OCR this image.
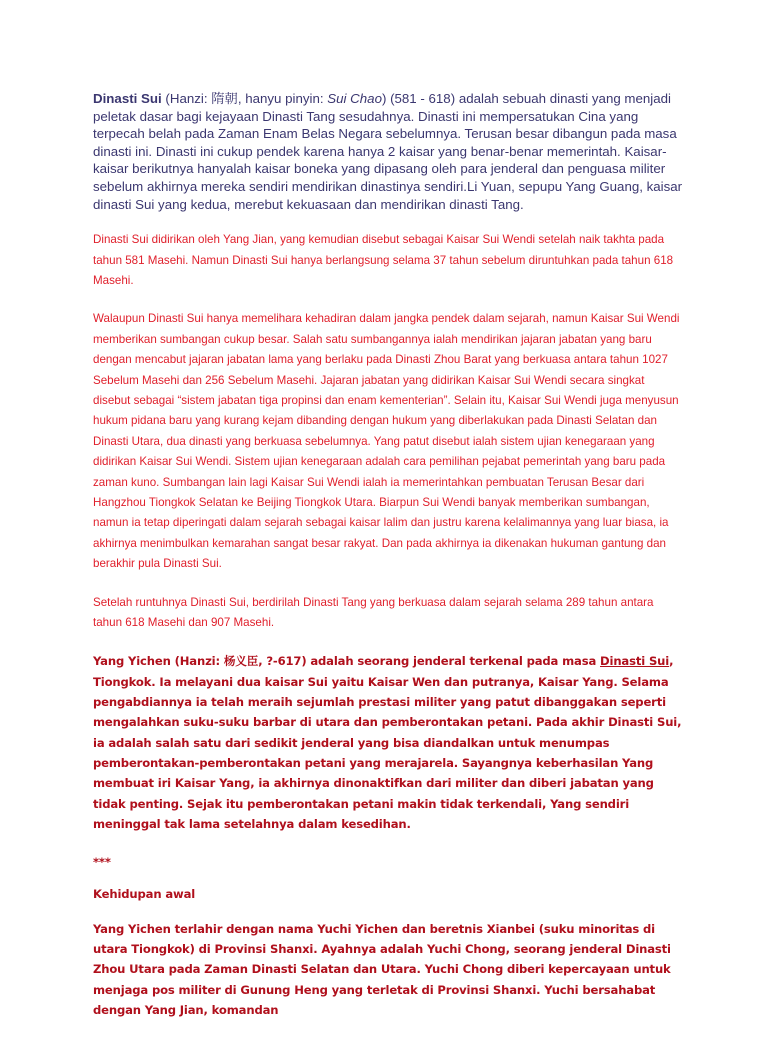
Dinasti Sui (Hanzi: 隋朝, hanyu pinyin: Sui Chao) (581 - 618) adalah sebuah dinasti yang menjadi peletak dasar bagi kejayaan Dinasti Tang sesudahnya. Dinasti ini mempersatukan Cina yang terpecah belah pada Zaman Enam Belas Negara sebelumnya. Terusan besar dibangun pada masa dinasti ini. Dinasti ini cukup pendek karena hanya 2 kaisar yang benar-benar memerintah. Kaisar-kaisar berikutnya hanyalah kaisar boneka yang dipasang oleh para jenderal dan penguasa militer sebelum akhirnya mereka sendiri mendirikan dinastinya sendiri.Li Yuan, sepupu Yang Guang, kaisar dinasti Sui yang kedua, merebut kekuasaan dan mendirikan dinasti Tang.

Dinasti Sui didirikan oleh Yang Jian, yang kemudian disebut sebagai Kaisar Sui Wendi setelah naik takhta pada tahun 581 Masehi. Namun Dinasti Sui hanya berlangsung selama 37 tahun sebelum diruntuhkan pada tahun 618 Masehi.

Walaupun Dinasti Sui hanya memelihara kehadiran dalam jangka pendek dalam sejarah, namun Kaisar Sui Wendi memberikan sumbangan cukup besar. Salah satu sumbangannya ialah mendirikan jajaran jabatan yang baru dengan mencabut jajaran jabatan lama yang berlaku pada Dinasti Zhou Barat yang berkuasa antara tahun 1027 Sebelum Masehi dan 256 Sebelum Masehi. Jajaran jabatan yang didirikan Kaisar Sui Wendi secara singkat disebut sebagai “sistem jabatan tiga propinsi dan enam kementerian”. Selain itu, Kaisar Sui Wendi juga menyusun hukum pidana baru yang kurang kejam dibanding dengan hukum yang diberlakukan pada Dinasti Selatan dan Dinasti Utara, dua dinasti yang berkuasa sebelumnya. Yang patut disebut ialah sistem ujian kenegaraan yang didirikan Kaisar Sui Wendi. Sistem ujian kenegaraan adalah cara pemilihan pejabat pemerintah yang baru pada zaman kuno. Sumbangan lain lagi Kaisar Sui Wendi ialah ia memerintahkan pembuatan Terusan Besar dari Hangzhou Tiongkok Selatan ke Beijing Tiongkok Utara. Biarpun Sui Wendi banyak memberikan sumbangan, namun ia tetap diperingati dalam sejarah sebagai kaisar lalim dan justru karena kelalimannya yang luar biasa, ia akhirnya menimbulkan kemarahan sangat besar rakyat. Dan pada akhirnya ia dikenakan hukuman gantung dan berakhir pula Dinasti Sui.

Setelah runtuhnya Dinasti Sui, berdirilah Dinasti Tang yang berkuasa dalam sejarah selama 289 tahun antara tahun 618 Masehi dan 907 Masehi.

Yang Yichen (Hanzi: 杨义臣, ?-617) adalah seorang jenderal terkenal pada masa Dinasti Sui, Tiongkok. Ia melayani dua kaisar Sui yaitu Kaisar Wen dan putranya, Kaisar Yang. Selama pengabdiannya ia telah meraih sejumlah prestasi militer yang patut dibanggakan seperti mengalahkan suku-suku barbar di utara dan pemberontakan petani. Pada akhir Dinasti Sui, ia adalah salah satu dari sedikit jenderal yang bisa diandalkan untuk menumpas pemberontakan-pemberontakan petani yang merajarela. Sayangnya keberhasilan Yang membuat iri Kaisar Yang, ia akhirnya dinonaktifkan dari militer dan diberi jabatan yang tidak penting. Sejak itu pemberontakan petani makin tidak terkendali, Yang sendiri meninggal tak lama setelahnya dalam kesedihan.

***

Kehidupan awal

Yang Yichen terlahir dengan nama Yuchi Yichen dan beretnis Xianbei (suku minoritas di utara Tiongkok) di Provinsi Shanxi. Ayahnya adalah Yuchi Chong, seorang jenderal Dinasti Zhou Utara pada Zaman Dinasti Selatan dan Utara. Yuchi Chong diberi kepercayaan untuk menjaga pos militer di Gunung Heng yang terletak di Provinsi Shanxi. Yuchi bersahabat dengan Yang Jian, komandan
